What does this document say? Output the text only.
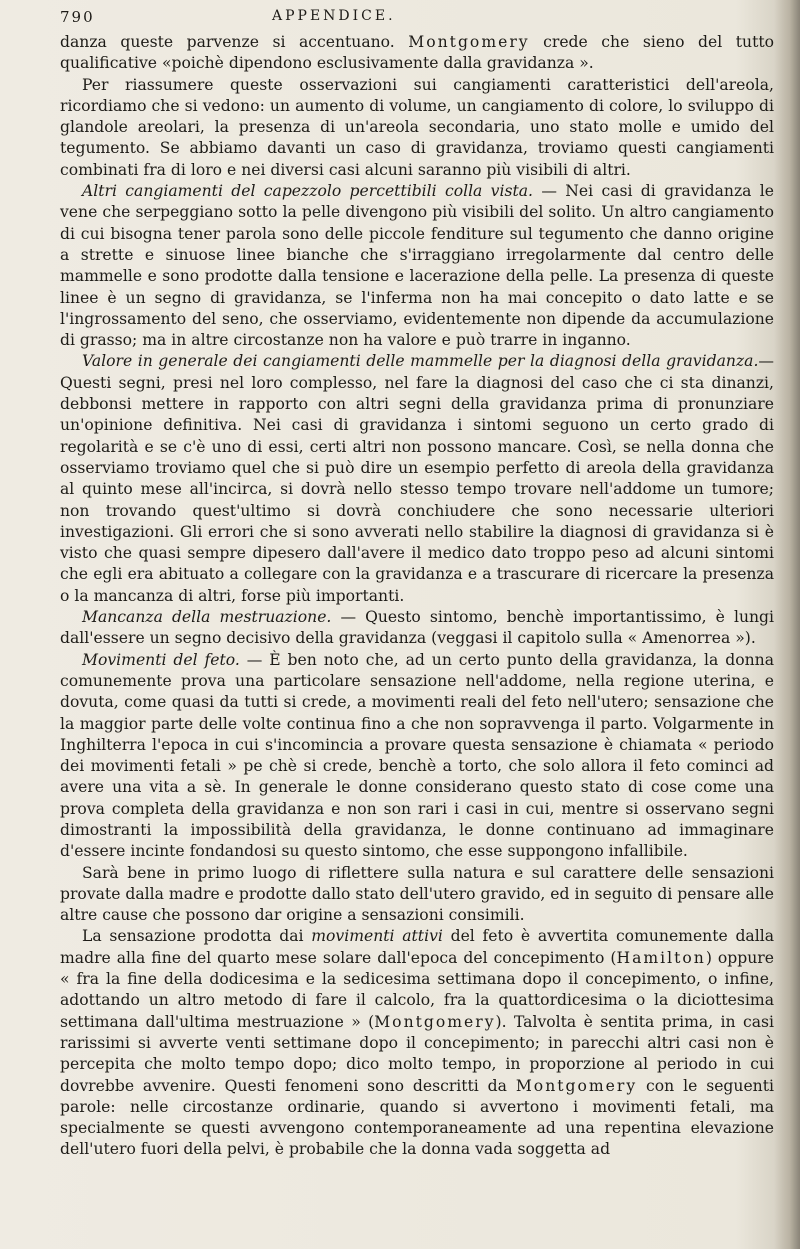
790	APPENDICE.

danza queste parvenze si accentuano. Montgomery crede che sieno del tutto qualificative «poichè dipendono esclusivamente dalla gravidanza ».

Per riassumere queste osservazioni sui cangiamenti caratteristici dell'areola, ricordiamo che si vedono: un aumento di volume, un cangiamento di colore, lo sviluppo di glandole areolari, la presenza di un'areola secondaria, uno stato molle e umido del tegumento. Se abbiamo davanti un caso di gravidanza, troviamo questi cangiamenti combinati fra di loro e nei diversi casi alcuni saranno più visibili di altri.

Altri cangiamenti del capezzolo percettibili colla vista. — Nei casi di gravidanza le vene che serpeggiano sotto la pelle divengono più visibili del solito. Un altro cangiamento di cui bisogna tener parola sono delle piccole fenditure sul tegumento che danno origine a strette e sinuose linee bianche che s'irraggiano irregolarmente dal centro delle mammelle e sono prodotte dalla tensione e lacerazione della pelle. La presenza di queste linee è un segno di gravidanza, se l'inferma non ha mai concepito o dato latte e se l'ingrossamento del seno, che osserviamo, evidentemente non dipende da accumulazione di grasso; ma in altre circostanze non ha valore e può trarre in inganno.

Valore in generale dei cangiamenti delle mammelle per la diagnosi della gravidanza.—Questi segni, presi nel loro complesso, nel fare la diagnosi del caso che ci sta dinanzi, debbonsi mettere in rapporto con altri segni della gravidanza prima di pronunziare un'opinione definitiva. Nei casi di gravidanza i sintomi seguono un certo grado di regolarità e se c'è uno di essi, certi altri non possono mancare. Così, se nella donna che osserviamo troviamo quel che si può dire un esempio perfetto di areola della gravidanza al quinto mese all'incirca, si dovrà nello stesso tempo trovare nell'addome un tumore; non trovando quest'ultimo si dovrà conchiudere che sono necessarie ulteriori investigazioni. Gli errori che si sono avverati nello stabilire la diagnosi di gravidanza si è visto che quasi sempre dipesero dall'avere il medico dato troppo peso ad alcuni sintomi che egli era abituato a collegare con la gravidanza e a trascurare di ricercare la presenza o la mancanza di altri, forse più importanti.

Mancanza della mestruazione. — Questo sintomo, benchè importantissimo, è lungi dall'essere un segno decisivo della gravidanza (veggasi il capitolo sulla « Amenorrea »).

Movimenti del feto. — È ben noto che, ad un certo punto della gravidanza, la donna comunemente prova una particolare sensazione nell'addome, nella regione uterina, e dovuta, come quasi da tutti si crede, a movimenti reali del feto nell'utero; sensazione che la maggior parte delle volte continua fino a che non sopravvenga il parto. Volgarmente in Inghilterra l'epoca in cui s'incomincia a provare questa sensazione è chiamata « periodo dei movimenti fetali » pe chè si crede, benchè a torto, che solo allora il feto cominci ad avere una vita a sè. In generale le donne considerano questo stato di cose come una prova completa della gravidanza e non son rari i casi in cui, mentre si osservano segni dimostranti la impossibilità della gravidanza, le donne continuano ad immaginare d'essere incinte fondandosi su questo sintomo, che esse suppongono infallibile.

Sarà bene in primo luogo di riflettere sulla natura e sul carattere delle sensazioni provate dalla madre e prodotte dallo stato dell'utero gravido, ed in seguito di pensare alle altre cause che possono dar origine a sensazioni consimili.

La sensazione prodotta dai movimenti attivi del feto è avvertita comunemente dalla madre alla fine del quarto mese solare dall'epoca del concepimento (Hamilton) oppure « fra la fine della dodicesima e la sedicesima settimana dopo il concepimento, o infine, adottando un altro metodo di fare il calcolo, fra la quattordicesima o la diciottesima settimana dall'ultima mestruazione » (Montgomery). Talvolta è sentita prima, in casi rarissimi si avverte venti settimane dopo il concepimento; in parecchi altri casi non è percepita che molto tempo dopo; dico molto tempo, in proporzione al periodo in cui dovrebbe avvenire. Questi fenomeni sono descritti da Montgomery con le seguenti parole: nelle circostanze ordinarie, quando si avvertono i movimenti fetali, ma specialmente se questi avvengono contemporaneamente ad una repentina elevazione dell'utero fuori della pelvi, è probabile che la donna vada soggetta ad
